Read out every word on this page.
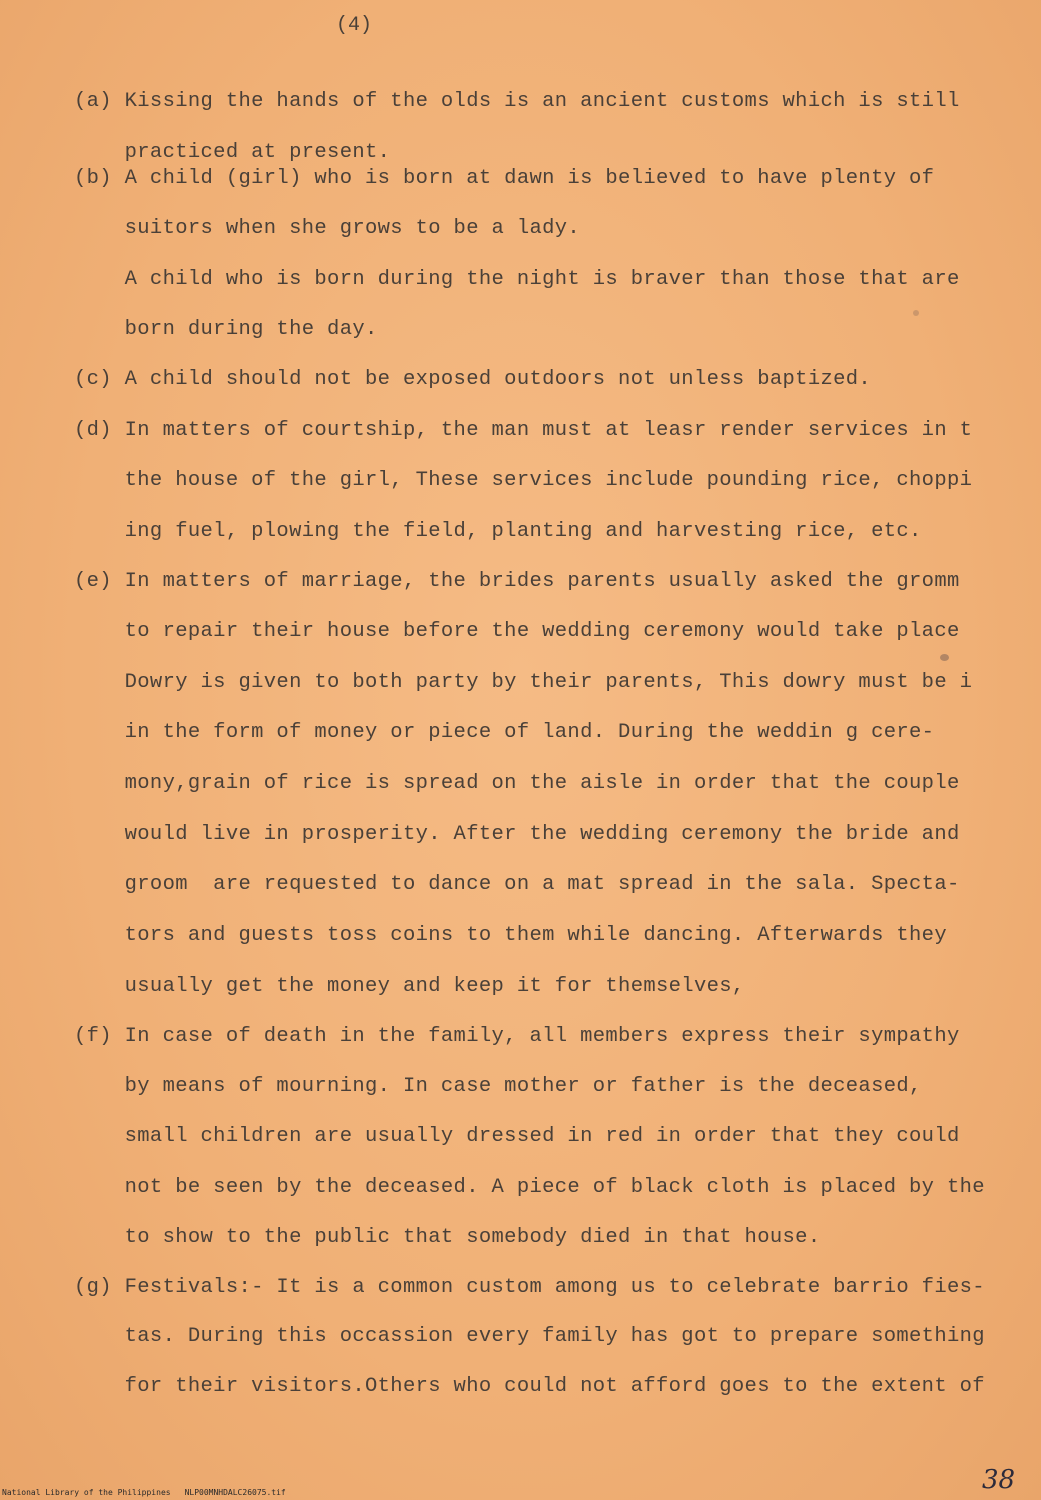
(4)
(a) Kissing the hands of the olds is an ancient customs which is still
practiced at present.
(b) A child (girl) who is born at dawn is believed to have plenty of
suitors when she grows to be a lady.
A child who is born during the night is braver than those that are
born during the day.
(c) A child should not be exposed outdoors not unless baptized.
(d) In matters of courtship, the man must at leasr render services in t
the house of the girl, These services include pounding rice, choppi
ing fuel, plowing the field, planting and harvesting rice, etc.
(e) In matters of marriage, the brides parents usually asked the gromm
to repair their house before the wedding ceremony would take place
Dowry is given to both party by their parents, This dowry must be i
in the form of money or piece of land. During the weddin g cere-
mony,grain of rice is spread on the aisle in order that the couple
would live in prosperity. After the wedding ceremony the bride and
groom  are requested to dance on a mat spread in the sala. Specta-
tors and guests toss coins to them while dancing. Afterwards they
usually get the money and keep it for themselves,
(f) In case of death in the family, all members express their sympathy
by means of mourning. In case mother or father is the deceased,
small children are usually dressed in red in order that they could
not be seen by the deceased. A piece of black cloth is placed by the
to show to the public that somebody died in that house.
(g) Festivals:- It is a common custom among us to celebrate barrio fies-
tas. During this occassion every family has got to prepare something
for their visitors.Others who could not afford goes to the extent of
National Library of the Philippines NLP00MNHDALC26075.tif	38
